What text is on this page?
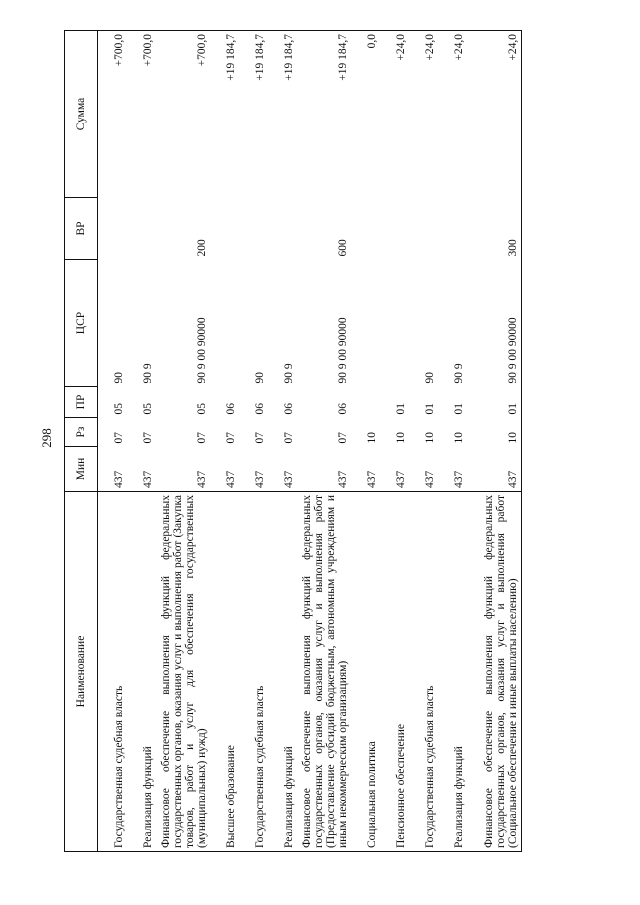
298
Наименование	Мин	Рз	ПР	ЦСР	ВР	Сумма
Государственная судебная власть	437	07	05	90		+700,0
Реализация функций	437	07	05	90 9		+700,0
Финансовое обеспечение выполнения функций федеральных государственных органов, оказания услуг и выполнения работ (Закупка товаров, работ и услуг для обеспечения государственных (муниципальных) нужд)	437	07	05	90 9 00 90000	200	+700,0
Высшее образование	437	07	06			+19 184,7
Государственная судебная власть	437	07	06	90		+19 184,7
Реализация функций	437	07	06	90 9		+19 184,7
Финансовое обеспечение выполнения функций федеральных государственных органов, оказания услуг и выполнения работ (Предоставление субсидий бюджетным, автономным учреждениям и иным некоммерческим организациям)	437	07	06	90 9 00 90000	600	+19 184,7
Социальная политика	437	10				0,0
Пенсионное обеспечение	437	10	01			+24,0
Государственная судебная власть	437	10	01	90		+24,0
Реализация функций	437	10	01	90 9		+24,0
Финансовое обеспечение выполнения функций федеральных государственных органов, оказания услуг и выполнения работ (Социальное обеспечение и иные выплаты населению)	437	10	01	90 9 00 90000	300	+24,0
